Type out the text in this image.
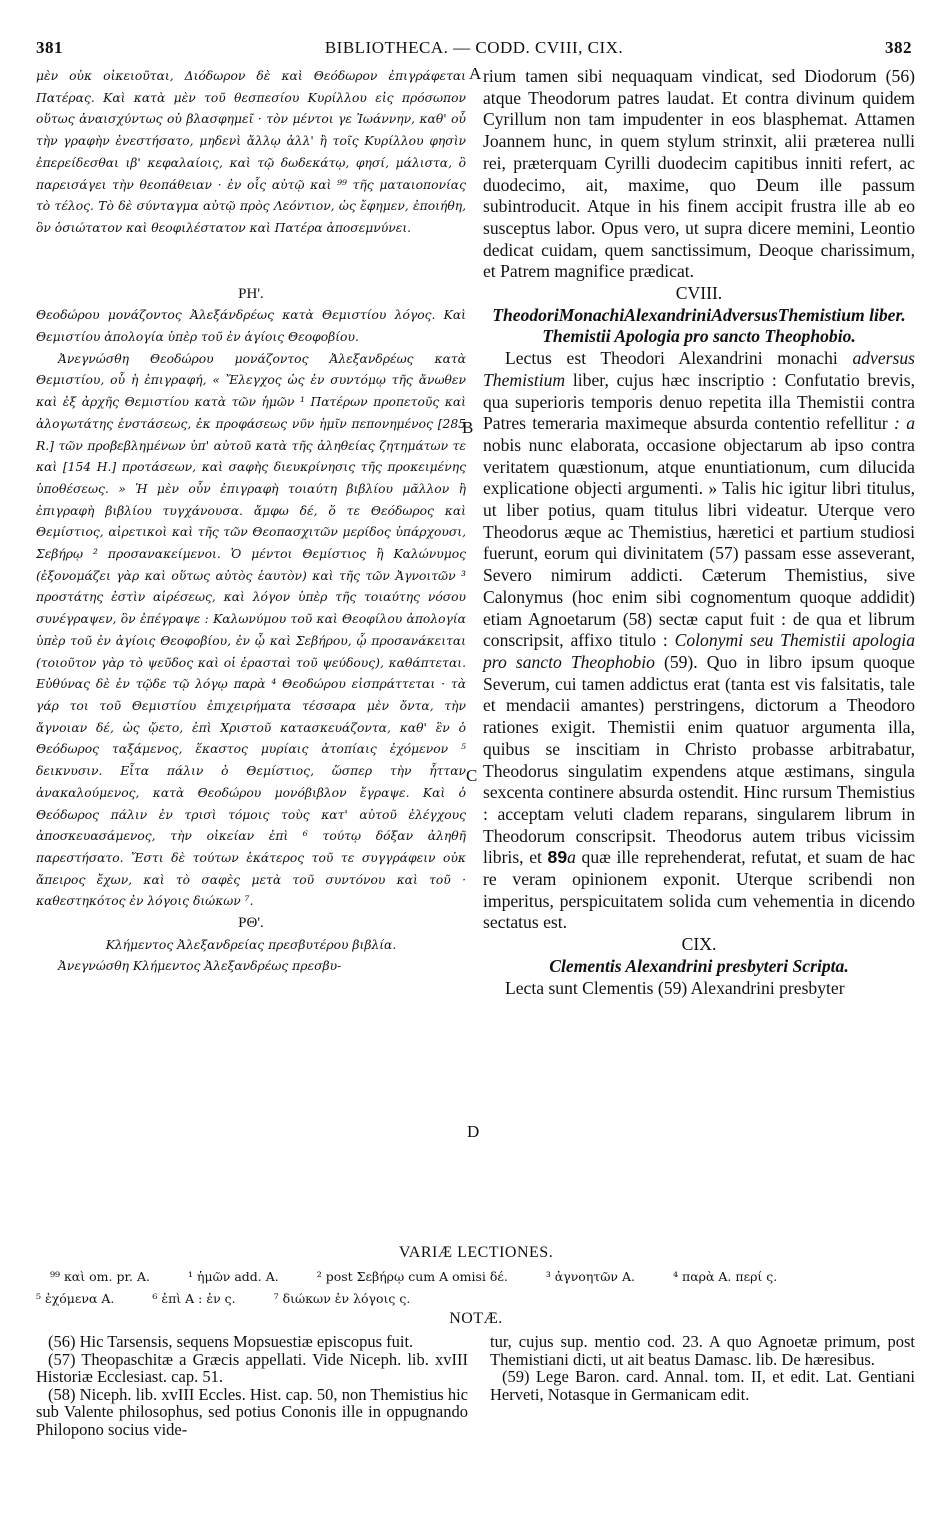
381	BIBLIOTHECA. — CODD. CVIII, CIX.	382
A
B
C
D

μὲν οὐκ οἰκειοῦται, Διόδωρον δὲ καὶ Θεόδωρον ἐπιγράφεται Πατέρας. Καὶ κατὰ μὲν τοῦ θεσπεσίου Κυρίλλου εἰς πρόσωπον οὕτως ἀναισχύντως οὐ βλασφημεῖ · τὸν μέντοι γε Ἰωάννην, καθ' οὗ τὴν γραφὴν ἐνεστήσατο, μηδενὶ ἄλλῳ ἀλλ' ἢ τοῖς Κυρίλλου φησὶν ἐπερείδεσθαι ιβ' κεφαλαίοις, καὶ τῷ δωδεκάτῳ, φησί, μάλιστα, ὃ παρεισάγει τὴν θεοπάθειαν · ἐν οἷς αὐτῷ καὶ ⁹⁹ τῆς ματαιοπονίας τὸ τέλος. Τὸ δὲ σύνταγμα αὐτῷ πρὸς Λεόντιον, ὡς ἔφημεν, ἐποιήθη, ὃν ὁσιώτατον καὶ θεοφιλέστατον καὶ Πατέρα ἀποσεμνύνει.

ΡΗ'.

Θεοδώρου μονάζοντος Ἀλεξάνδρέως κατὰ Θεμιστίου λόγος. Καὶ Θεμιστίου ἀπολογία ὑπὲρ τοῦ ἐν ἁγίοις Θεοφοβίου.

Ἀνεγνώσθη Θεοδώρου μονάζοντος Ἀλεξανδρέως κατὰ Θεμιστίου, οὗ ἡ ἐπιγραφή, « Ἔλεγχος ὡς ἐν συντόμῳ τῆς ἄνωθεν καὶ ἐξ ἀρχῆς Θεμιστίου κατὰ τῶν ἡμῶν ¹ Πατέρων προπετοῦς καὶ ἀλογωτάτης ἐνστάσεως, ἐκ προφάσεως νῦν ἡμῖν πεπονημένος [285 R.] τῶν προβεβλημένων ὑπ' αὐτοῦ κατὰ τῆς ἀληθείας ζητημάτων τε καὶ [154 H.] προτάσεων, καὶ σαφὴς διευκρίνησις τῆς προκειμένης ὑποθέσεως. » Ἡ μὲν οὖν ἐπιγραφὴ τοιαύτη βιβλίου μᾶλλον ἢ ἐπιγραφὴ βιβλίου τυγχάνουσα. ἄμφω δέ, ὅ τε Θεόδωρος καὶ Θεμίστιος, αἱρετικοὶ καὶ τῆς τῶν Θεοπασχιτῶν μερίδος ὑπάρχουσι, Σεβήρῳ ² προσανακείμενοι. Ὁ μέντοι Θεμίστιος ἢ Καλώνυμος (ἐξονομάζει γὰρ καὶ οὕτως αὐτὸς ἑαυτὸν) καὶ τῆς τῶν Ἀγνοιτῶν ³ προστάτης ἐστὶν αἱρέσεως, καὶ λόγον ὑπὲρ τῆς τοιαύτης νόσου συνέγραψεν, ὃν ἐπέγραψε : Καλωνύμου τοῦ καὶ Θεοφίλου ἀπολογία ὑπὲρ τοῦ ἐν ἁγίοις Θεοφοβίου, ἐν ᾧ καὶ Σεβήρου, ᾧ προσανάκειται (τοιοῦτον γὰρ τὸ ψεῦδος καὶ οἱ ἐρασταὶ τοῦ ψεύδους), καθάπτεται. Εὐθύνας δὲ ἐν τῷδε τῷ λόγῳ παρὰ ⁴ Θεοδώρου εἰσπράττεται · τὰ γάρ τοι τοῦ Θεμιστίου ἐπιχειρήματα τέσσαρα μὲν ὄντα, τὴν ἄγνοιαν δέ, ὡς ᾤετο, ἐπὶ Χριστοῦ κατασκευάζοντα, καθ' ἓν ὁ Θεόδωρος ταξάμενος, ἕκαστος μυρίαις ἀτοπίαις ἐχόμενον ⁵ δεικνυσιν. Εἶτα πάλιν ὁ Θεμίστιος, ὥσπερ τὴν ἧτταν ἀνακαλούμενος, κατὰ Θεοδώρου μονόβιβλον ἔγραψε. Καὶ ὁ Θεόδωρος πάλιν ἐν τρισὶ τόμοις τοὺς κατ' αὐτοῦ ἐλέγχους ἀποσκευασάμενος, τὴν οἰκείαν ἐπὶ ⁶ τούτῳ δόξαν ἀληθῆ παρεστήσατο. Ἔστι δὲ τούτων ἑκάτερος τοῦ τε συγγράφειν οὐκ ἄπειρος ἔχων, καὶ τὸ σαφὲς μετὰ τοῦ συντόνου καὶ τοῦ · καθεστηκότος ἐν λόγοις διώκων ⁷.

ΡΘ'.

Κλήμεντος Ἀλεξανδρείας πρεσβυτέρου βιβλία.

Ἀνεγνώσθη Κλήμεντος Ἀλεξανδρέως πρεσβυ-

rium tamen sibi nequaquam vindicat, sed Diodorum (56) atque Theodorum patres laudat. Et contra divinum quidem Cyrillum non tam impudenter in eos blasphemat. Attamen Joannem hunc, in quem stylum strinxit, alii præterea nulli rei, præterquam Cyrilli duodecim capitibus inniti refert, ac duodecimo, ait, maxime, quo Deum ille passum subintroducit. Atque in his finem accipit frustra ille ab eo susceptus labor. Opus vero, ut supra dicere memini, Leontio dedicat cuidam, quem sanctissimum, Deoque charissimum, et Patrem magnifice prædicat.

CVIII.

TheodoriMonachiAlexandriniAdversusThemistium liber.

Themistii Apologia pro sancto Theophobio.

Lectus est Theodori Alexandrini monachi adversus Themistium liber, cujus hæc inscriptio : Confutatio brevis, qua superioris temporis denuo repetita illa Themistii contra Patres temeraria maximeque absurda contentio refellitur : a nobis nunc elaborata, occasione objectarum ab ipso contra veritatem quæstionum, atque enuntiationum, cum dilucida explicatione objecti argumenti. » Talis hic igitur libri titulus, ut liber potius, quam titulus libri videatur. Uterque vero Theodorus æque ac Themistius, hæretici et partium studiosi fuerunt, eorum qui divinitatem (57) passam esse asseverant, Severo nimirum addicti. Cæterum Themistius, sive Calonymus (hoc enim sibi cognomentum quoque addidit) etiam Agnoetarum (58) sectæ caput fuit : de qua et librum conscripsit, affixo titulo : Colonymi seu Themistii apologia pro sancto Theophobio (59). Quo in libro ipsum quoque Severum, cui tamen addictus erat (tanta est vis falsitatis, tale et mendacii amantes) perstringens, dictorum a Theodoro rationes exigit. Themistii enim quatuor argumenta illa, quibus se inscitiam in Christo probasse arbitrabatur, Theodorus singulatim expendens atque æstimans, singula sexcenta continere absurda ostendit. Hinc rursum Themistius : acceptam veluti cladem reparans, singularem librum in Theodorum conscripsit. Theodorus autem tribus vicissim libris, et 89a quæ ille reprehenderat, refutat, et suam de hac re veram opinionem exponit. Uterque scribendi non imperitus, perspicuitatem solida cum vehementia in dicendo sectatus est.

CIX.

Clementis Alexandrini presbyteri Scripta.

Lecta sunt Clementis (59) Alexandrini presbyter

VARIÆ LECTIONES.
⁹⁹ καὶ om. pr. A.	¹ ἡμῶν add. A.	² post Σεβήρῳ cum A omisi δέ.	³ ἀγνοητῶν A.	⁴ παρὰ A. περί ς.
⁵ ἐχόμενα A.	⁶ ἐπὶ A : ἐν ς.	⁷ διώκων ἐν λόγοις ς.
NOTÆ.

(56) Hic Tarsensis, sequens Mopsuestiæ episcopus fuit.

(57) Theopaschitæ a Græcis appellati. Vide Niceph. lib. xvIII Historiæ Ecclesiast. cap. 51.

(58) Niceph. lib. xvIII Eccles. Hist. cap. 50, non Themistius hic sub Valente philosophus, sed potius Cononis ille in oppugnando Philopono socius vide-

tur, cujus sup. mentio cod. 23. A quo Agnoetæ primum, post Themistiani dicti, ut ait beatus Damasc. lib. De hæresibus.

(59) Lege Baron. card. Annal. tom. II, et edit. Lat. Gentiani Herveti, Notasque in Germanicam edit.
